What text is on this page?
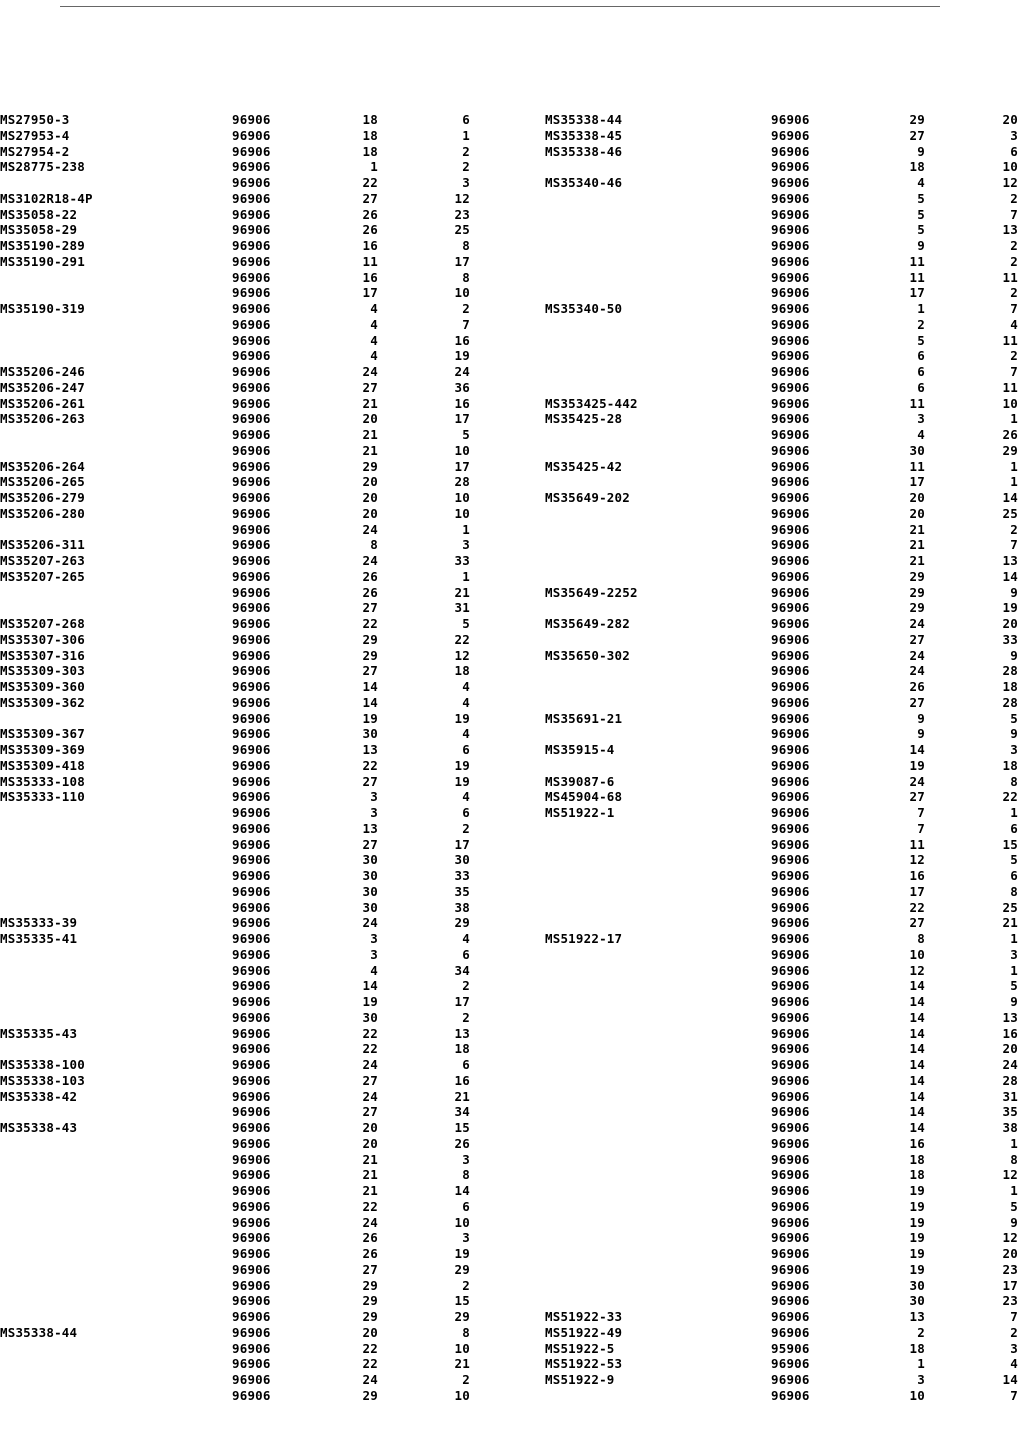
MS27950-3	96906	18	6
MS27953-4	96906	18	1
MS27954-2	96906	18	2
MS28775-238	96906	1	2
96906	22	3
MS3102R18-4P	96906	27	12
MS35058-22	96906	26	23
MS35058-29	96906	26	25
MS35190-289	96906	16	8
MS35190-291	96906	11	17
96906	16	8
96906	17	10
MS35190-319	96906	4	2
96906	4	7
96906	4	16
96906	4	19
MS35206-246	96906	24	24
MS35206-247	96906	27	36
MS35206-261	96906	21	16
MS35206-263	96906	20	17
96906	21	5
96906	21	10
MS35206-264	96906	29	17
MS35206-265	96906	20	28
MS35206-279	96906	20	10
MS35206-280	96906	20	10
96906	24	1
MS35206-311	96906	8	3
MS35207-263	96906	24	33
MS35207-265	96906	26	1
96906	26	21
96906	27	31
MS35207-268	96906	22	5
MS35307-306	96906	29	22
MS35307-316	96906	29	12
MS35309-303	96906	27	18
MS35309-360	96906	14	4
MS35309-362	96906	14	4
96906	19	19
MS35309-367	96906	30	4
MS35309-369	96906	13	6
MS35309-418	96906	22	19
MS35333-108	96906	27	19
MS35333-110	96906	3	4
96906	3	6
96906	13	2
96906	27	17
96906	30	30
96906	30	33
96906	30	35
96906	30	38
MS35333-39	96906	24	29
MS35335-41	96906	3	4
96906	3	6
96906	4	34
96906	14	2
96906	19	17
96906	30	2
MS35335-43	96906	22	13
96906	22	18
MS35338-100	96906	24	6
MS35338-103	96906	27	16
MS35338-42	96906	24	21
96906	27	34
MS35338-43	96906	20	15
96906	20	26
96906	21	3
96906	21	8
96906	21	14
96906	22	6
96906	24	10
96906	26	3
96906	26	19
96906	27	29
96906	29	2
96906	29	15
96906	29	29
MS35338-44	96906	20	8
96906	22	10
96906	22	21
96906	24	2
96906	29	10
MS35338-44	96906	29	20
MS35338-45	96906	27	3
MS35338-46	96906	9	6
96906	18	10
MS35340-46	96906	4	12
96906	5	2
96906	5	7
96906	5	13
96906	9	2
96906	11	2
96906	11	11
96906	17	2
MS35340-50	96906	1	7
96906	2	4
96906	5	11
96906	6	2
96906	6	7
96906	6	11
MS353425-442	96906	11	10
MS35425-28	96906	3	1
96906	4	26
96906	30	29
MS35425-42	96906	11	1
96906	17	1
MS35649-202	96906	20	14
96906	20	25
96906	21	2
96906	21	7
96906	21	13
96906	29	14
MS35649-2252	96906	29	9
96906	29	19
MS35649-282	96906	24	20
96906	27	33
MS35650-302	96906	24	9
96906	24	28
96906	26	18
96906	27	28
MS35691-21	96906	9	5
96906	9	9
MS35915-4	96906	14	3
96906	19	18
MS39087-6	96906	24	8
MS45904-68	96906	27	22
MS51922-1	96906	7	1
96906	7	6
96906	11	15
96906	12	5
96906	16	6
96906	17	8
96906	22	25
96906	27	21
MS51922-17	96906	8	1
96906	10	3
96906	12	1
96906	14	5
96906	14	9
96906	14	13
96906	14	16
96906	14	20
96906	14	24
96906	14	28
96906	14	31
96906	14	35
96906	14	38
96906	16	1
96906	18	8
96906	18	12
96906	19	1
96906	19	5
96906	19	9
96906	19	12
96906	19	20
96906	19	23
96906	30	17
96906	30	23
MS51922-33	96906	13	7
MS51922-49	96906	2	2
MS51922-5	95906	18	3
MS51922-53	96906	1	4
MS51922-9	96906	3	14
96906	10	7
